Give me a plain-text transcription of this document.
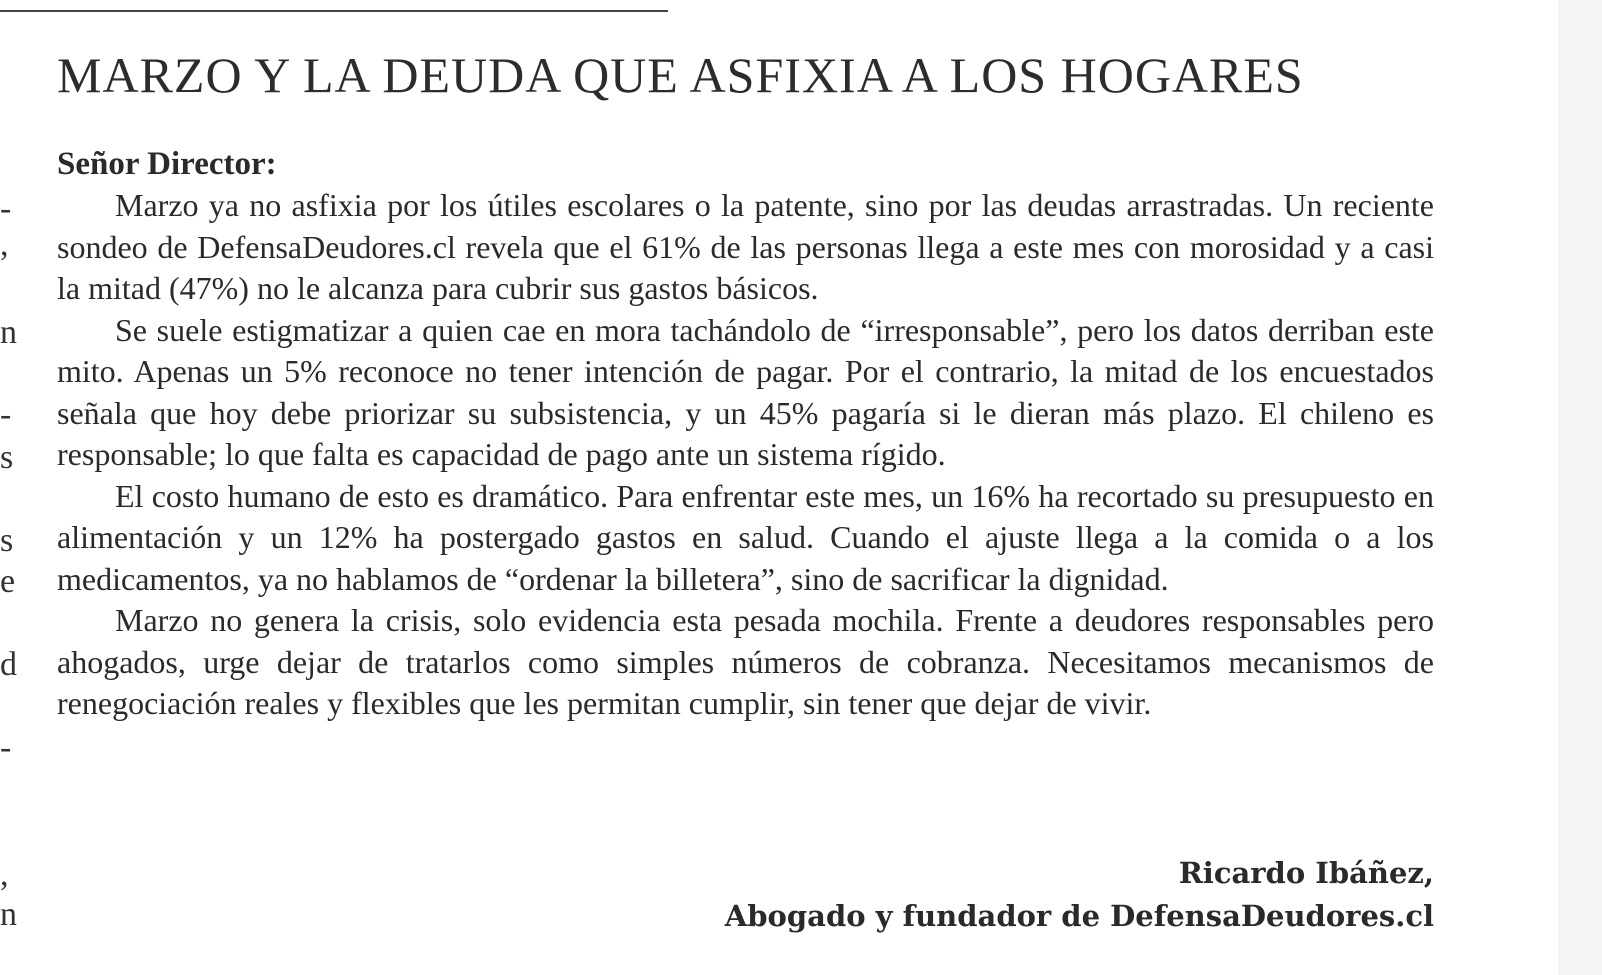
-
,
n
-
s
s
e
d
-
,
n
MARZO Y LA DEUDA QUE ASFIXIA A LOS HOGARES
Señor Director:

Marzo ya no asfixia por los útiles escolares o la patente, sino por las deudas arrastradas. Un reciente sondeo de DefensaDeudores.cl revela que el 61% de las personas llega a este mes con morosidad y a casi la mitad (47%) no le alcanza para cubrir sus gastos básicos.

Se suele estigmatizar a quien cae en mora tachándolo de “irresponsable”, pero los datos derriban este mito. Apenas un 5% reconoce no tener intención de pagar. Por el contrario, la mitad de los encuestados señala que hoy debe priorizar su subsistencia, y un 45% pagaría si le dieran más plazo. El chileno es responsable; lo que falta es capacidad de pago ante un sistema rígido.

El costo humano de esto es dramático. Para enfrentar este mes, un 16% ha recortado su presupuesto en alimentación y un 12% ha postergado gastos en salud. Cuando el ajuste llega a la comida o a los medicamentos, ya no hablamos de “ordenar la billetera”, sino de sacrificar la dignidad.

Marzo no genera la crisis, solo evidencia esta pesada mochila. Frente a deudores responsables pero ahogados, urge dejar de tratarlos como simples números de cobranza. Necesitamos mecanismos de renegociación reales y flexibles que les permitan cumplir, sin tener que dejar de vivir.

Ricardo Ibáñez,
Abogado y fundador de DefensaDeudores.cl
